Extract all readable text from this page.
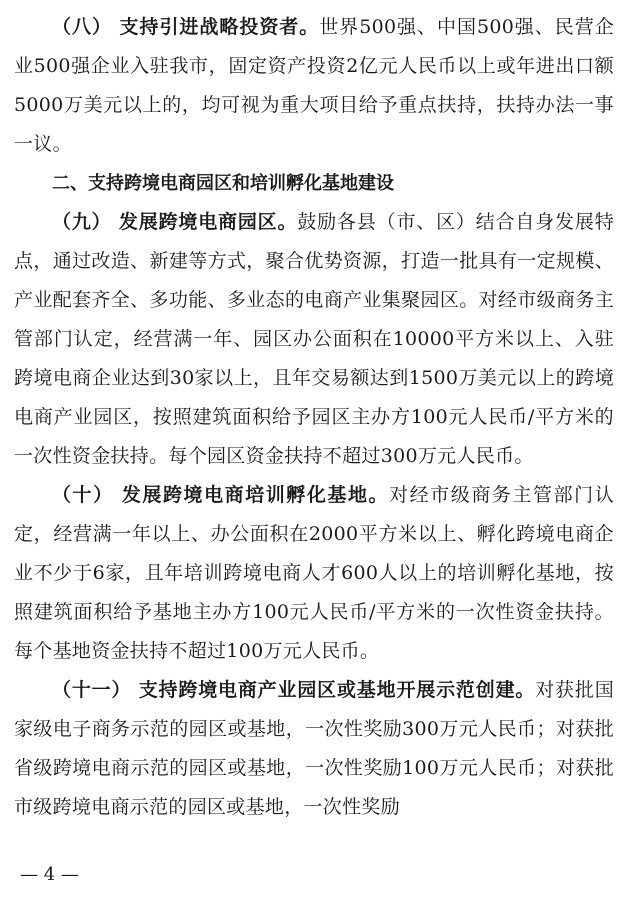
（八） 支持引进战略投资者。世界500强、中国500强、民营企业500强企业入驻我市，固定资产投资2亿元人民币以上或年进出口额5000万美元以上的，均可视为重大项目给予重点扶持，扶持办法一事一议。

二、支持跨境电商园区和培训孵化基地建设

（九） 发展跨境电商园区。鼓励各县（市、区）结合自身发展特点，通过改造、新建等方式，聚合优势资源，打造一批具有一定规模、产业配套齐全、多功能、多业态的电商产业集聚园区。对经市级商务主管部门认定，经营满一年、园区办公面积在10000平方米以上、入驻跨境电商企业达到30家以上，且年交易额达到1500万美元以上的跨境电商产业园区，按照建筑面积给予园区主办方100元人民币/平方米的一次性资金扶持。每个园区资金扶持不超过300万元人民币。

（十） 发展跨境电商培训孵化基地。对经市级商务主管部门认定，经营满一年以上、办公面积在2000平方米以上、孵化跨境电商企业不少于6家，且年培训跨境电商人才600人以上的培训孵化基地，按照建筑面积给予基地主办方100元人民币/平方米的一次性资金扶持。每个基地资金扶持不超过100万元人民币。

（十一） 支持跨境电商产业园区或基地开展示范创建。对获批国家级电子商务示范的园区或基地，一次性奖励300万元人民币；对获批省级跨境电商示范的园区或基地，一次性奖励100万元人民币；对获批市级跨境电商示范的园区或基地，一次性奖励

— 4 —
